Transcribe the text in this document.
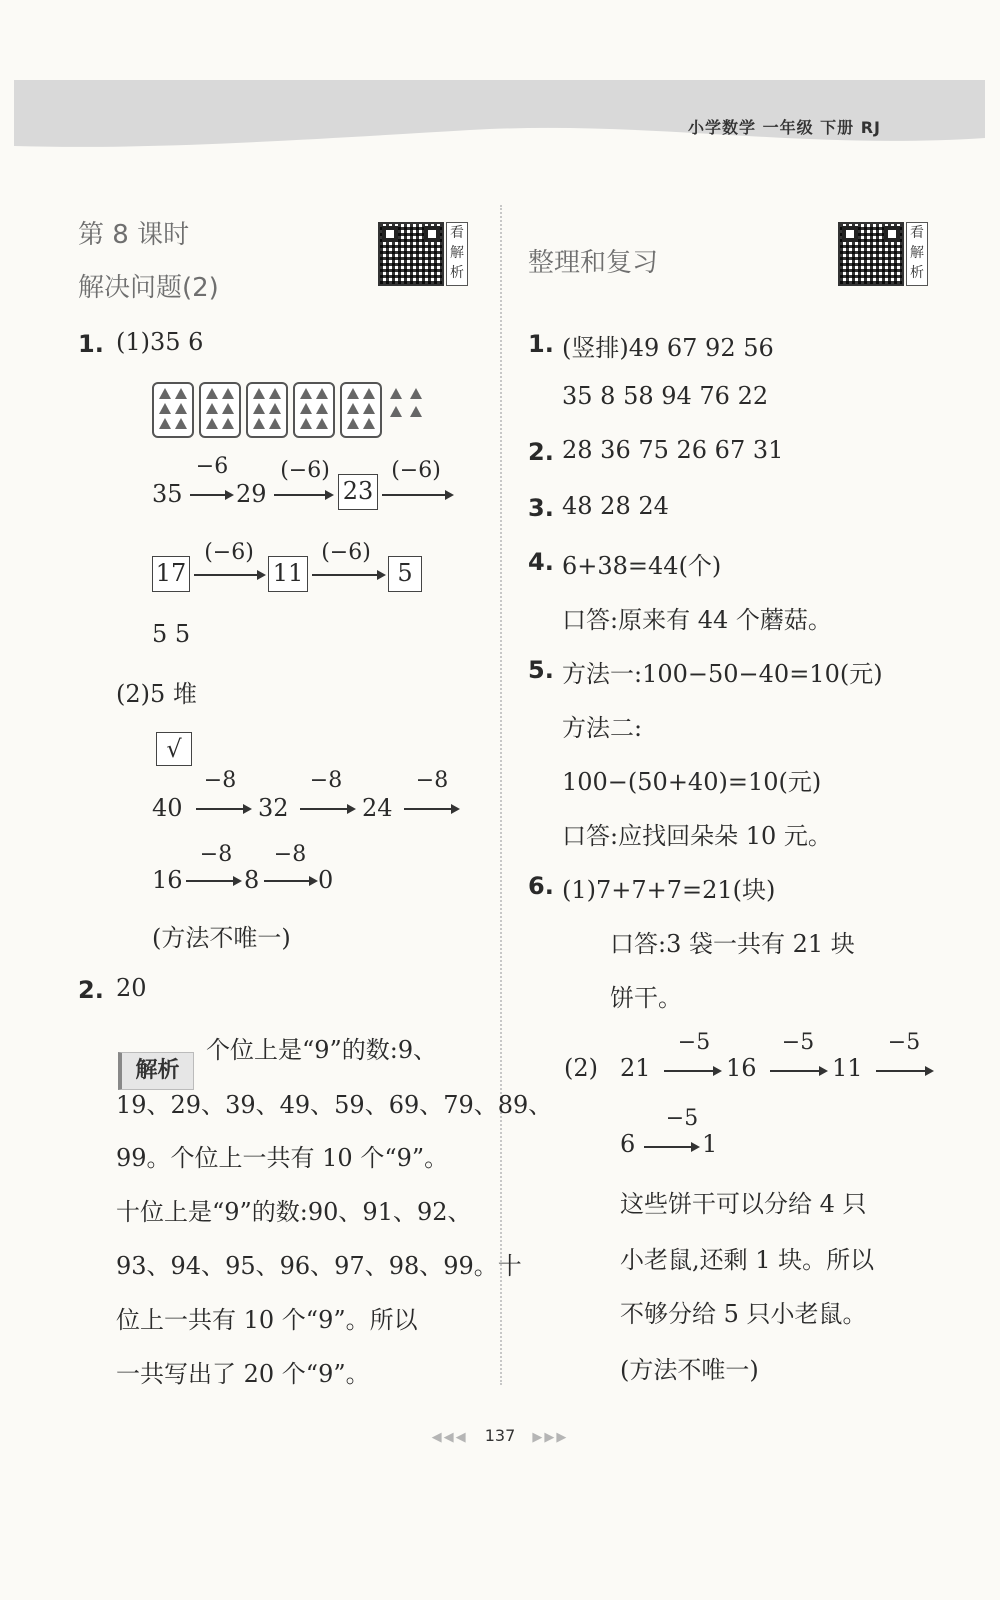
小学数学 一年级 下册 RJ
第 8 课时
解决问题(2)
看解析
1. (1)35 6
35
−6
29
(−6)
23
(−6)
17
(−6)
11
(−6)
5
5 5
(2)5 堆
√
40
−8
32
−8
24
−8
16
−8
8
−8
0
(方法不唯一)
2. 20
解析
个位上是“9”的数:9、
19、29、39、49、59、69、79、89、
99。个位上一共有 10 个“9”。
十位上是“9”的数:90、91、92、
93、94、95、96、97、98、99。十
位上一共有 10 个“9”。所以
一共写出了 20 个“9”。
整理和复习
看解析
1. (竖排)49 67 92 56
35 8 58 94 76 22
2. 28 36 75 26 67 31
3. 48 28 24
4. 6+38=44(个)
口答:原来有 44 个蘑菇。
5. 方法一:100−50−40=10(元)
方法二:
100−(50+40)=10(元)
口答:应找回朵朵 10 元。
6. (1)7+7+7=21(块)
口答:3 袋一共有 21 块
饼干。
(2) 21
−5
16
−5
11
−5
6
−5
1
这些饼干可以分给 4 只
小老鼠,还剩 1 块。所以
不够分给 5 只小老鼠。
(方法不唯一)
◀◀◀ 137 ▶▶▶
